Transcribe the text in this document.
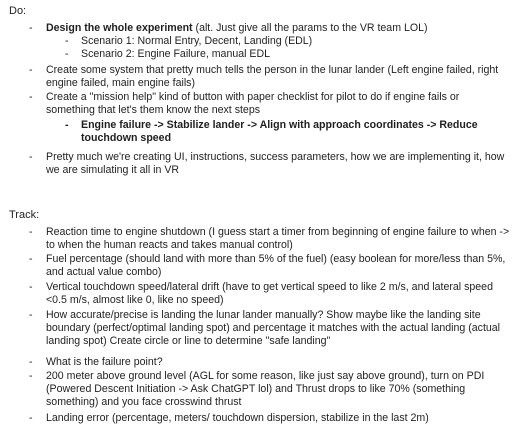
Do:
-	Design the whole experiment (alt. Just give all the params to the VR team LOL)
- Scenario 1: Normal Entry, Decent, Landing (EDL)
- Scenario 2: Engine Failure, manual EDL
-	Create some system that pretty much tells the person in the lunar lander (Left engine failed, right engine failed, main engine fails)
-	Create a "mission help" kind of button with paper checklist for pilot to do if engine fails or something that let's them know the next steps
- Engine failure -> Stabilize lander -> Align with approach coordinates -> Reduce touchdown speed
-	Pretty much we're creating UI, instructions, success parameters, how we are implementing it, how we are simulating it all in VR
Track:
-	Reaction time to engine shutdown (I guess start a timer from beginning of engine failure to when -> to when the human reacts and takes manual control)
-	Fuel percentage (should land with more than 5% of the fuel) (easy boolean for more/less than 5%, and actual value combo)
-	Vertical touchdown speed/lateral drift (have to get vertical speed to like 2 m/s, and lateral speed <0.5 m/s, almost like 0, like no speed)
-	How accurate/precise is landing the lunar lander manually? Show maybe like the landing site boundary (perfect/optimal landing spot) and percentage it matches with the actual landing (actual landing spot) Create circle or line to determine "safe landing"
-	What is the failure point?
-	200 meter above ground level (AGL for some reason, like just say above ground), turn on PDI (Powered Descent Initiation -> Ask ChatGPT lol) and Thrust drops to like 70% (something something) and you face crosswind thrust
-	Landing error (percentage, meters/ touchdown dispersion, stabilize in the last 2m)
